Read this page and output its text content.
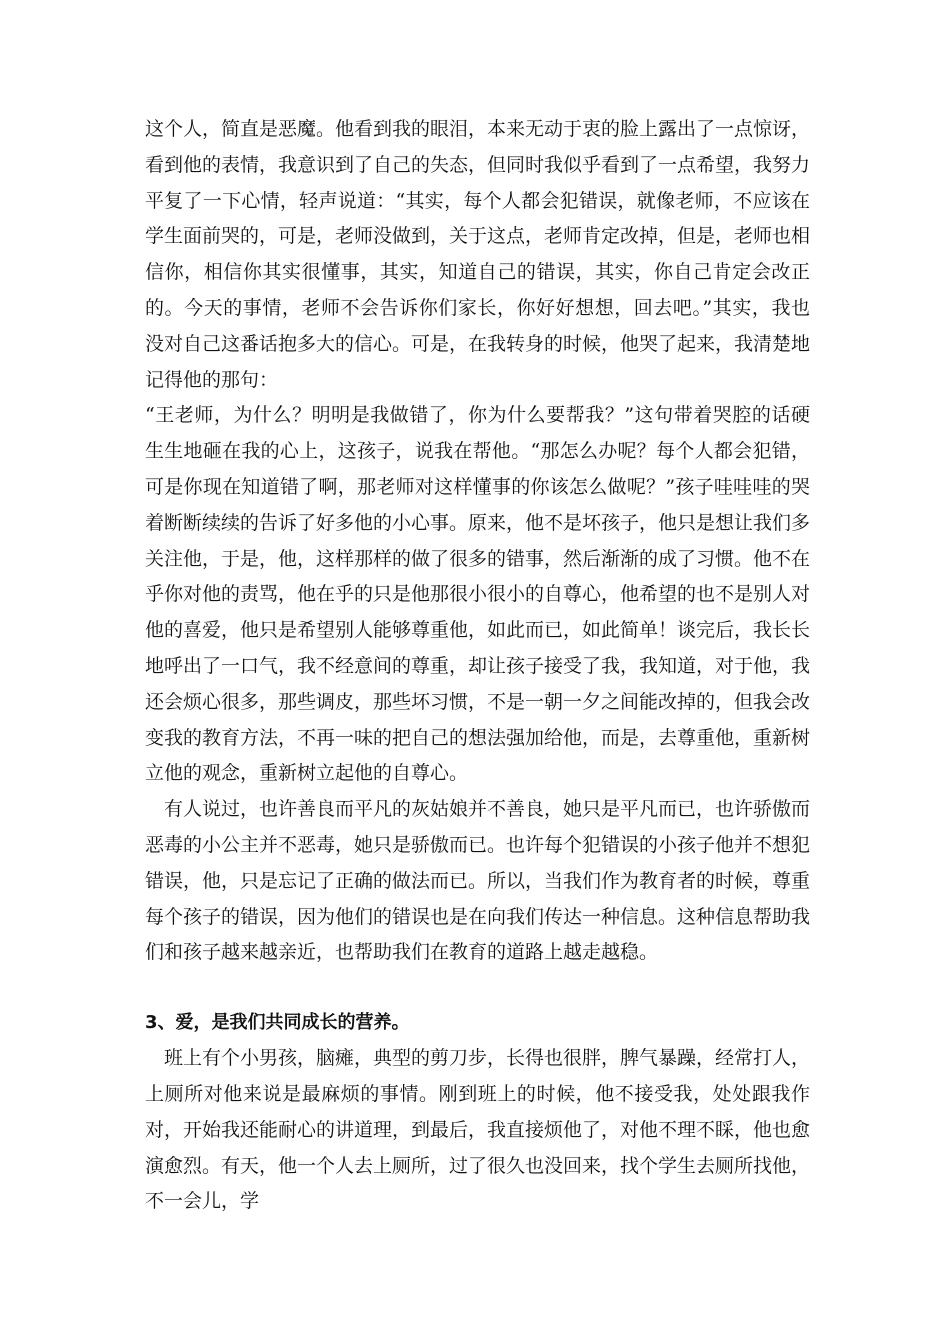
这个人，简直是恶魔。他看到我的眼泪，本来无动于衷的脸上露出了一点惊讶，看到他的表情，我意识到了自己的失态，但同时我似乎看到了一点希望，我努力平复了一下心情，轻声说道：“其实，每个人都会犯错误，就像老师，不应该在学生面前哭的，可是，老师没做到，关于这点，老师肯定改掉，但是，老师也相信你，相信你其实很懂事，其实，知道自己的错误，其实，你自己肯定会改正的。今天的事情，老师不会告诉你们家长，你好好想想，回去吧。”其实，我也没对自己这番话抱多大的信心。可是，在我转身的时候，他哭了起来，我清楚地记得他的那句：

“王老师，为什么？明明是我做错了，你为什么要帮我？”这句带着哭腔的话硬生生地砸在我的心上，这孩子，说我在帮他。“那怎么办呢？每个人都会犯错，可是你现在知道错了啊，那老师对这样懂事的你该怎么做呢？”孩子哇哇哇的哭着断断续续的告诉了好多他的小心事。原来，他不是坏孩子，他只是想让我们多关注他，于是，他，这样那样的做了很多的错事，然后渐渐的成了习惯。他不在乎你对他的责骂，他在乎的只是他那很小很小的自尊心，他希望的也不是别人对他的喜爱，他只是希望别人能够尊重他，如此而已，如此简单！谈完后，我长长地呼出了一口气，我不经意间的尊重，却让孩子接受了我，我知道，对于他，我还会烦心很多，那些调皮，那些坏习惯，不是一朝一夕之间能改掉的，但我会改变我的教育方法，不再一味的把自己的想法强加给他，而是，去尊重他，重新树立他的观念，重新树立起他的自尊心。

有人说过，也许善良而平凡的灰姑娘并不善良，她只是平凡而已，也许骄傲而恶毒的小公主并不恶毒，她只是骄傲而已。也许每个犯错误的小孩子他并不想犯错误，他，只是忘记了正确的做法而已。所以，当我们作为教育者的时候，尊重每个孩子的错误，因为他们的错误也是在向我们传达一种信息。这种信息帮助我们和孩子越来越亲近，也帮助我们在教育的道路上越走越稳。

3、爱，是我们共同成长的营养。

班上有个小男孩，脑瘫，典型的剪刀步，长得也很胖，脾气暴躁，经常打人，上厕所对他来说是最麻烦的事情。刚到班上的时候，他不接受我，处处跟我作对，开始我还能耐心的讲道理，到最后，我直接烦他了，对他不理不睬，他也愈演愈烈。有天，他一个人去上厕所，过了很久也没回来，找个学生去厕所找他，不一会儿，学
